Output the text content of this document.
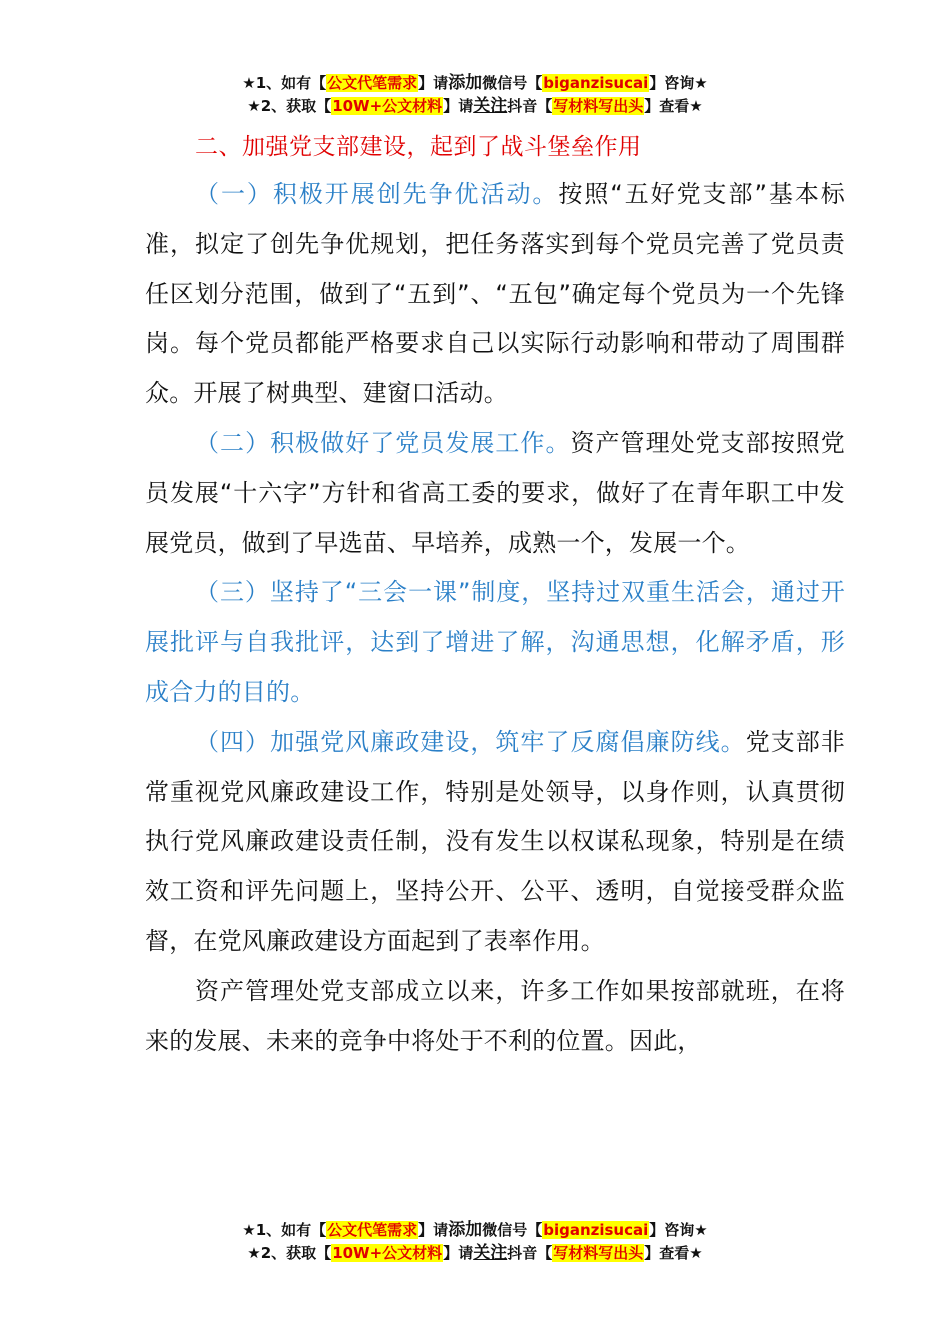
★1、如有【公文代笔需求】请添加微信号【biganzisucai】咨询★
★2、获取【10W+公文材料】请关注抖音【写材料写出头】查看★
二、加强党支部建设，起到了战斗堡垒作用

（一）积极开展创先争优活动。按照“五好党支部”基本标准，拟定了创先争优规划，把任务落实到每个党员完善了党员责任区划分范围，做到了“五到”、“五包”确定每个党员为一个先锋岗。每个党员都能严格要求自己以实际行动影响和带动了周围群众。开展了树典型、建窗口活动。

（二）积极做好了党员发展工作。资产管理处党支部按照党员发展“十六字”方针和省高工委的要求，做好了在青年职工中发展党员，做到了早选苗、早培养，成熟一个，发展一个。

（三）坚持了“三会一课”制度，坚持过双重生活会，通过开展批评与自我批评，达到了增进了解，沟通思想，化解矛盾，形成合力的目的。

（四）加强党风廉政建设，筑牢了反腐倡廉防线。党支部非常重视党风廉政建设工作，特别是处领导，以身作则，认真贯彻执行党风廉政建设责任制，没有发生以权谋私现象，特别是在绩效工资和评先问题上，坚持公开、公平、透明，自觉接受群众监督，在党风廉政建设方面起到了表率作用。

资产管理处党支部成立以来，许多工作如果按部就班，在将来的发展、未来的竞争中将处于不利的位置。因此，

★1、如有【公文代笔需求】请添加微信号【biganzisucai】咨询★
★2、获取【10W+公文材料】请关注抖音【写材料写出头】查看★
